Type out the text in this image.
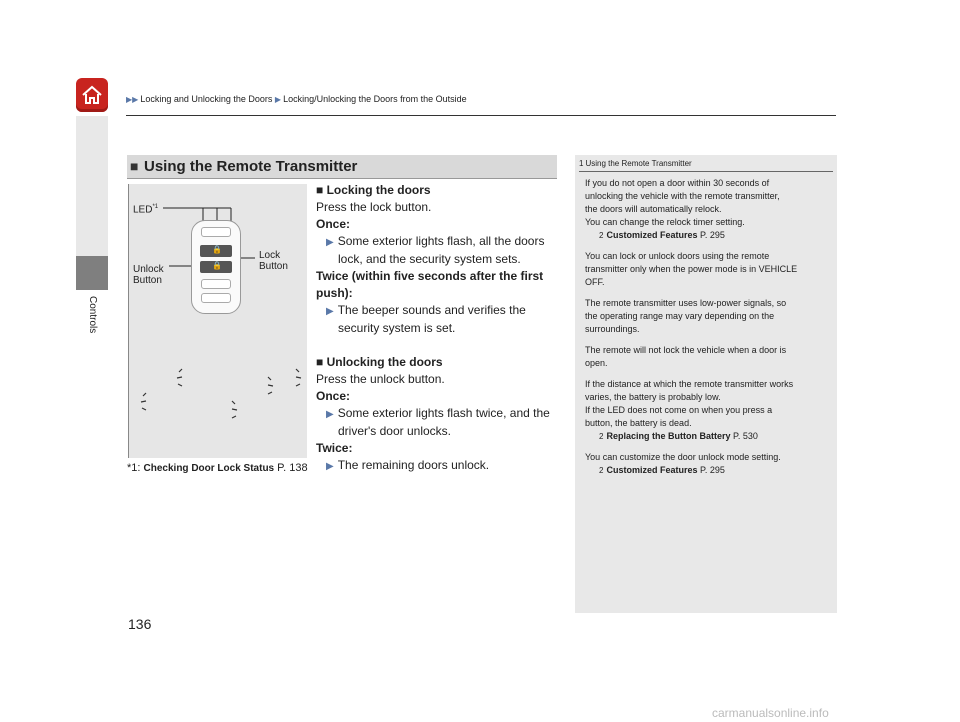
▶▶ Locking and Unlocking the Doors ▶ Locking/Unlocking the Doors from the Outside
Controls
■ Using the Remote Transmitter
LED$^{*1}$
🔒
🔒
Lock
Button
Unlock
Button
■ Locking the doors
Press the lock button.
Once:
▶ Some exterior lights flash, all the doors
lock, and the security system sets.
Twice (within five seconds after the first
push):
▶ The beeper sounds and verifies the
security system is set.
■ Unlocking the doors
Press the unlock button.
Once:
▶ Some exterior lights flash twice, and the
driver's door unlocks.
Twice:
▶ The remaining doors unlock.
*1: Checking Door Lock Status P. 138
1 Using the Remote Transmitter

If you do not open a door within 30 seconds of
unlocking the vehicle with the remote transmitter,
the doors will automatically relock.
You can change the relock timer setting.
2 Customized Features P. 295

You can lock or unlock doors using the remote
transmitter only when the power mode is in VEHICLE
OFF.

The remote transmitter uses low-power signals, so
the operating range may vary depending on the
surroundings.

The remote will not lock the vehicle when a door is
open.

If the distance at which the remote transmitter works
varies, the battery is probably low.
If the LED does not come on when you press a
button, the battery is dead.
2 Replacing the Button Battery P. 530

You can customize the door unlock mode setting.
2 Customized Features P. 295

136
carmanualsonline.info
